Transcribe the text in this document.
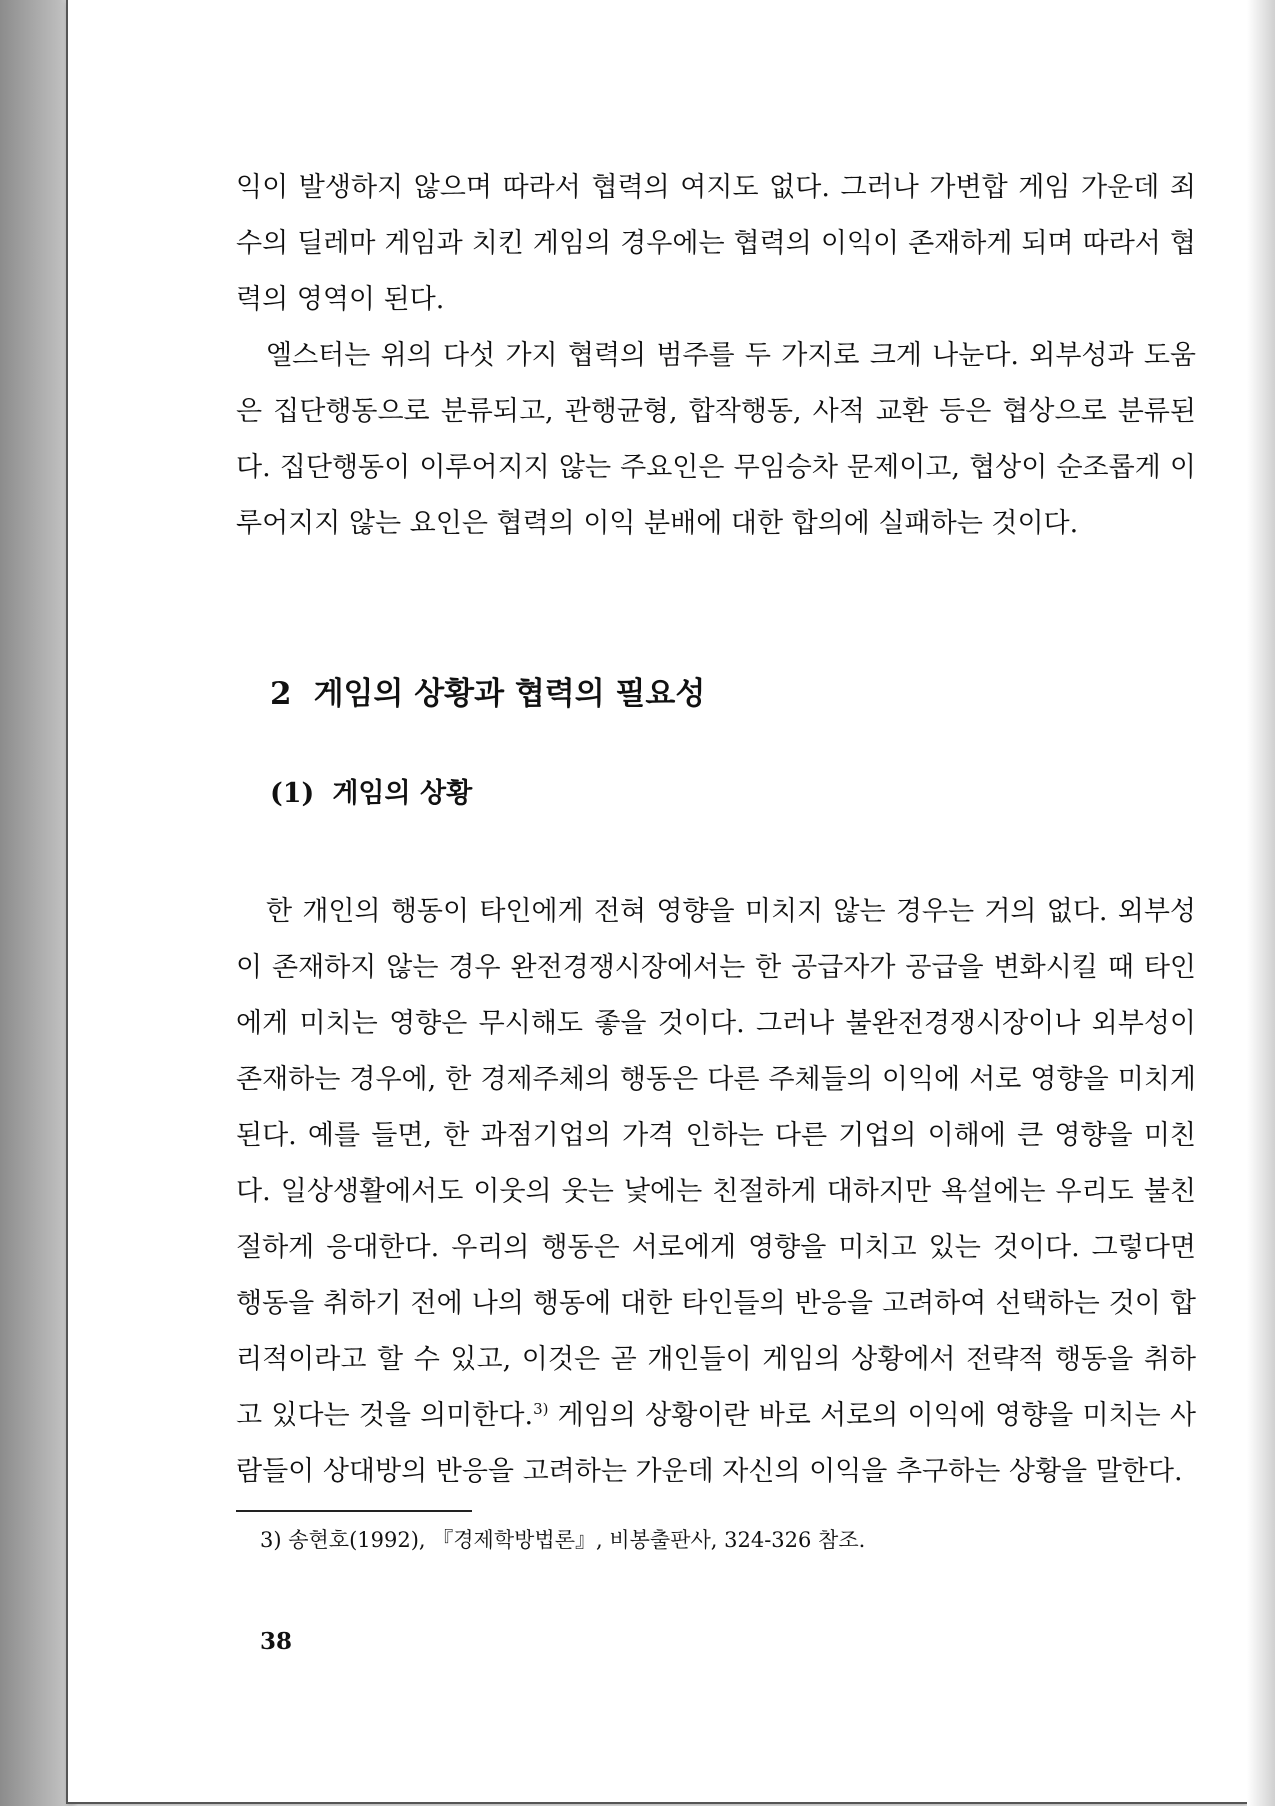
익이 발생하지 않으며 따라서 협력의 여지도 없다. 그러나 가변합 게임 가운데 죄수의 딜레마 게임과 치킨 게임의 경우에는 협력의 이익이 존재하게 되며 따라서 협력의 영역이 된다.

엘스터는 위의 다섯 가지 협력의 범주를 두 가지로 크게 나눈다. 외부성과 도움은 집단행동으로 분류되고, 관행균형, 합작행동, 사적 교환 등은 협상으로 분류된다. 집단행동이 이루어지지 않는 주요인은 무임승차 문제이고, 협상이 순조롭게 이루어지지 않는 요인은 협력의 이익 분배에 대한 합의에 실패하는 것이다.

2 게임의 상황과 협력의 필요성
(1) 게임의 상황

한 개인의 행동이 타인에게 전혀 영향을 미치지 않는 경우는 거의 없다. 외부성이 존재하지 않는 경우 완전경쟁시장에서는 한 공급자가 공급을 변화시킬 때 타인에게 미치는 영향은 무시해도 좋을 것이다. 그러나 불완전경쟁시장이나 외부성이 존재하는 경우에, 한 경제주체의 행동은 다른 주체들의 이익에 서로 영향을 미치게 된다. 예를 들면, 한 과점기업의 가격 인하는 다른 기업의 이해에 큰 영향을 미친다. 일상생활에서도 이웃의 웃는 낯에는 친절하게 대하지만 욕설에는 우리도 불친절하게 응대한다. 우리의 행동은 서로에게 영향을 미치고 있는 것이다. 그렇다면 행동을 취하기 전에 나의 행동에 대한 타인들의 반응을 고려하여 선택하는 것이 합리적이라고 할 수 있고, 이것은 곧 개인들이 게임의 상황에서 전략적 행동을 취하고 있다는 것을 의미한다.$^{3)}$ 게임의 상황이란 바로 서로의 이익에 영향을 미치는 사람들이 상대방의 반응을 고려하는 가운데 자신의 이익을 추구하는 상황을 말한다.

3) 송현호(1992), 『경제학방법론』, 비봉출판사, 324-326 참조.

38
